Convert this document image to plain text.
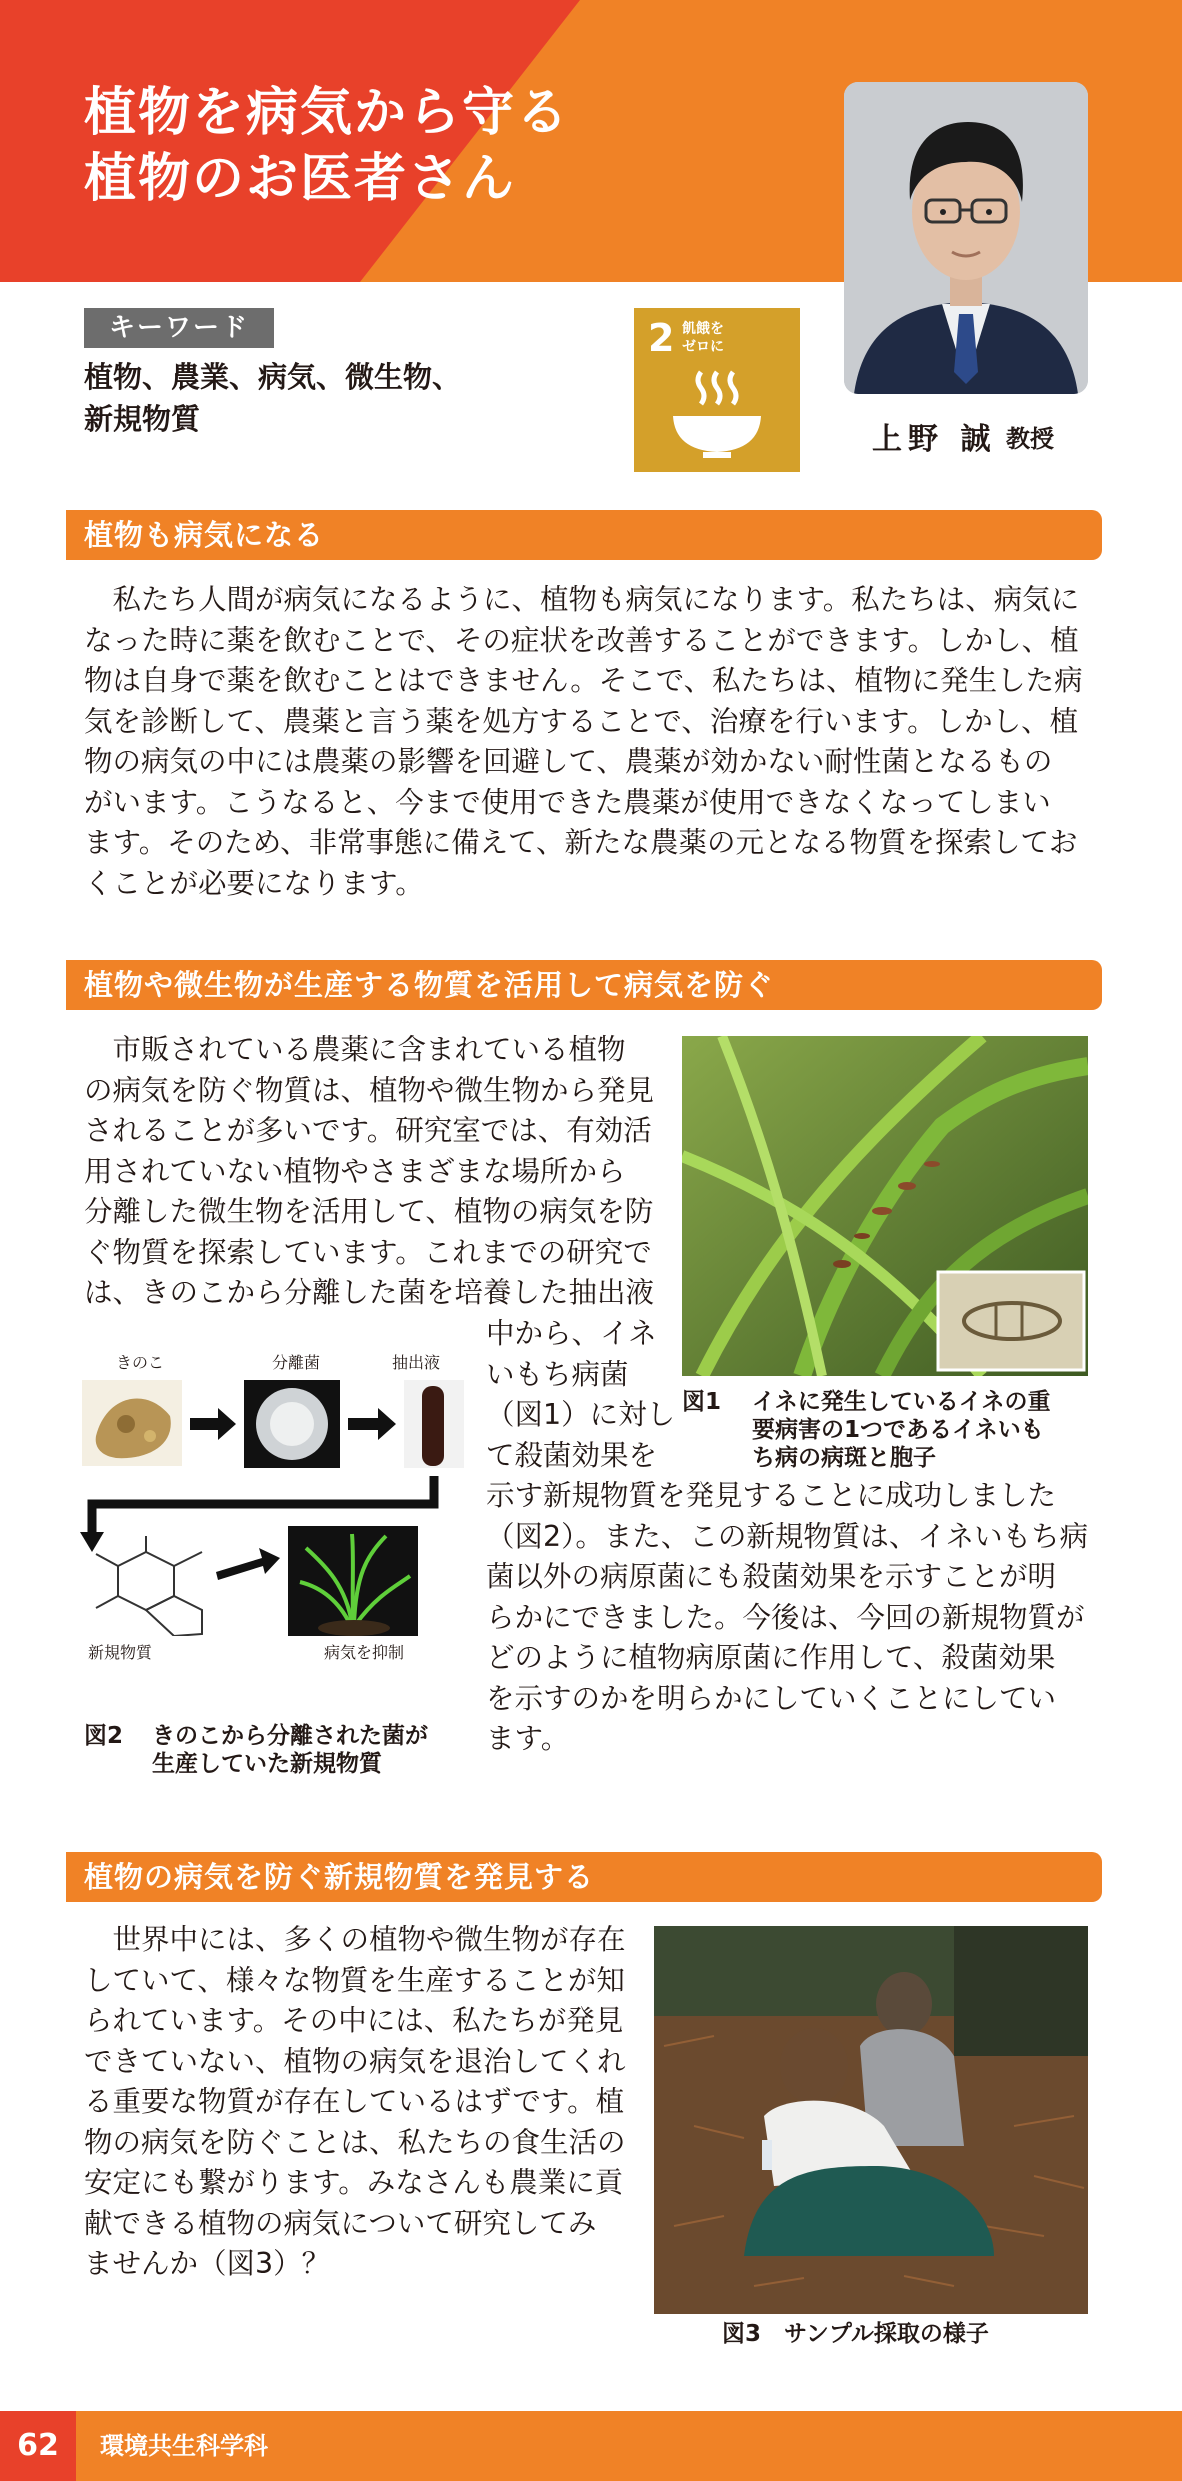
植物を病気から守る
植物のお医者さん
キーワード
植物、農業、病気、微生物、
新規物質
2 飢餓を
ゼロに
上野 誠 教授
植物も病気になる
　私たち人間が病気になるように、植物も病気になります。私たちは、病気に
なった時に薬を飲むことで、その症状を改善することができます。しかし、植
物は自身で薬を飲むことはできません。そこで、私たちは、植物に発生した病
気を診断して、農薬と言う薬を処方することで、治療を行います。しかし、植
物の病気の中には農薬の影響を回避して、農薬が効かない耐性菌となるもの
がいます。こうなると、今まで使用できた農薬が使用できなくなってしまい
ます。そのため、非常事態に備えて、新たな農薬の元となる物質を探索してお
くことが必要になります。
植物や微生物が生産する物質を活用して病気を防ぐ
　市販されている農薬に含まれている植物
の病気を防ぐ物質は、植物や微生物から発見
されることが多いです。研究室では、有効活
用されていない植物やさまざまな場所から
分離した微生物を活用して、植物の病気を防
ぐ物質を探索しています。これまでの研究で
は、きのこから分離した菌を培養した抽出液
中から、イネ
いもち病菌
（図1）に対し
て殺菌効果を
示す新規物質を発見することに成功しました
（図2）。また、この新規物質は、イネいもち病
菌以外の病原菌にも殺菌効果を示すことが明
らかにできました。今後は、今回の新規物質が
どのように植物病原菌に作用して、殺菌効果
を示すのかを明らかにしていくことにしてい
ます。
図1 イネに発生しているイネの重
要病害の1つであるイネいも
ち病の病斑と胞子
きのこ	分離菌	抽出液
新規物質	病気を抑制
図2 きのこから分離された菌が
生産していた新規物質
植物の病気を防ぐ新規物質を発見する
　世界中には、多くの植物や微生物が存在
していて、様々な物質を生産することが知
られています。その中には、私たちが発見
できていない、植物の病気を退治してくれ
る重要な物質が存在しているはずです。植
物の病気を防ぐことは、私たちの食生活の
安定にも繋がります。みなさんも農業に貢
献できる植物の病気について研究してみ
ませんか（図3）？
図3　サンプル採取の様子
62	環境共生科学科
